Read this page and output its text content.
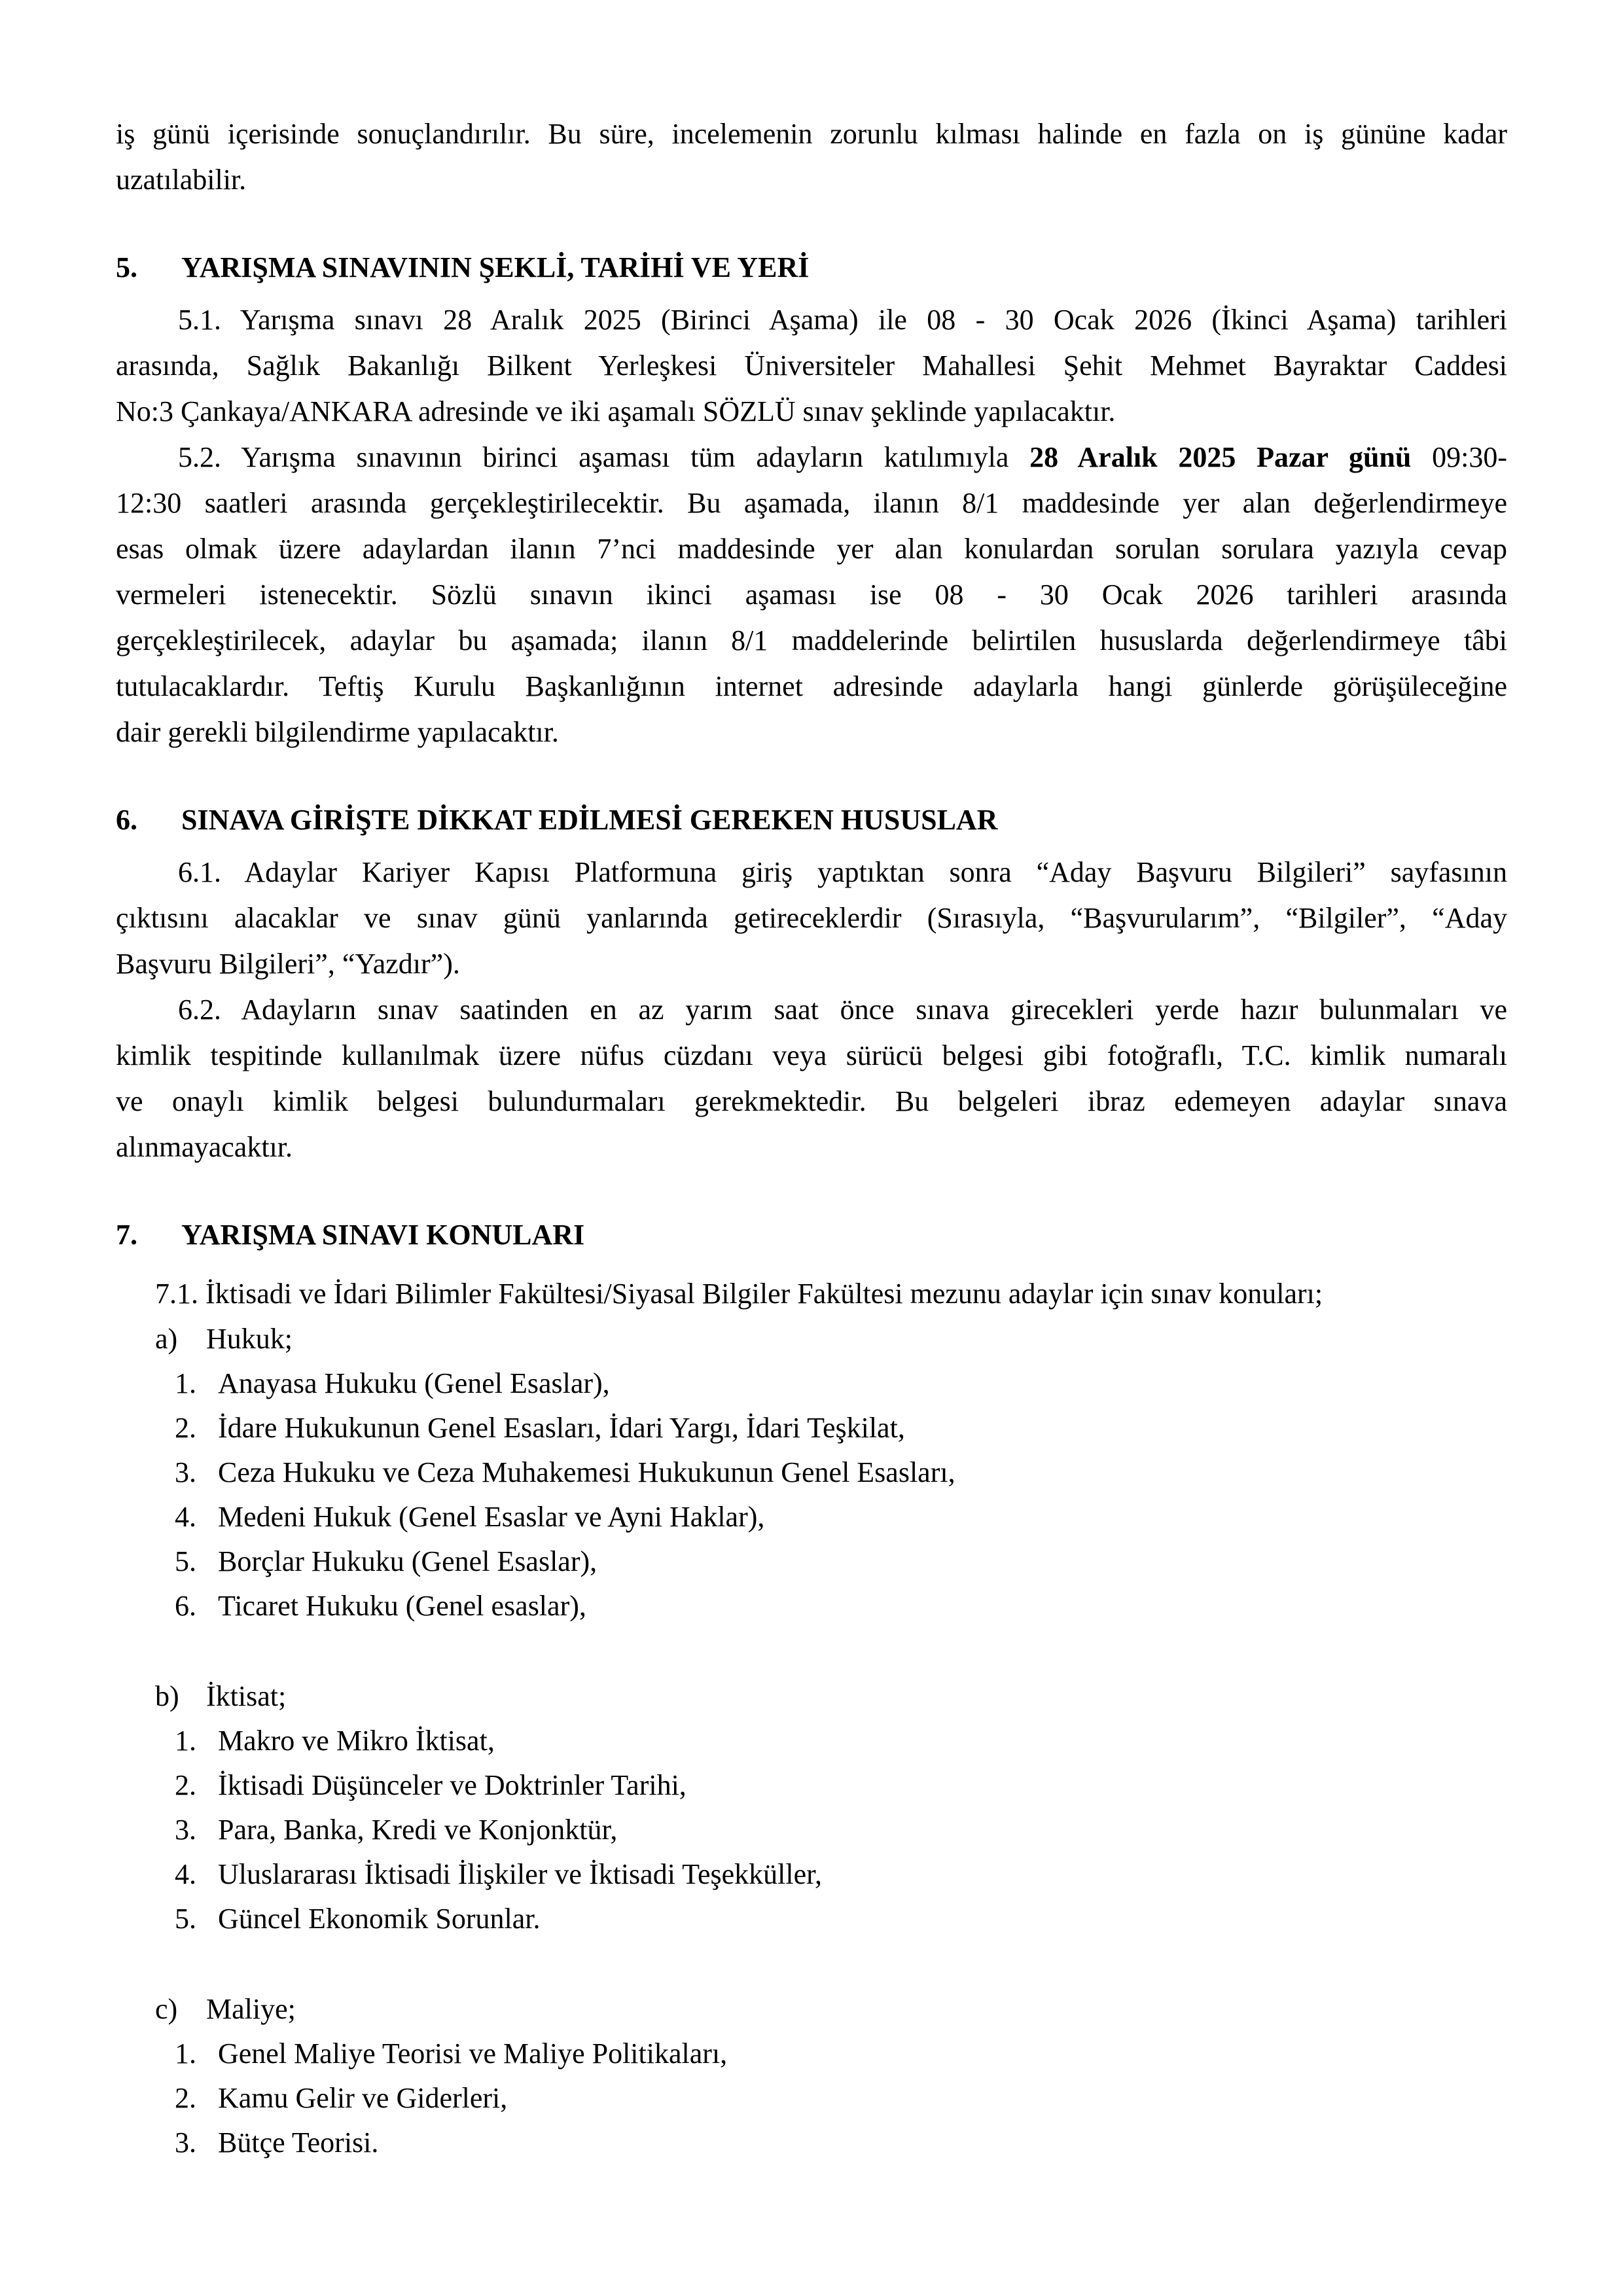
iş günü içerisinde sonuçlandırılır. Bu süre, incelemenin zorunlu kılması halinde en fazla on iş gününe kadar
uzatılabilir.
5.	YARIŞMA SINAVININ ŞEKLİ, TARİHİ VE YERİ
5.1. Yarışma sınavı 28 Aralık 2025 (Birinci Aşama) ile 08 - 30 Ocak 2026 (İkinci Aşama) tarihleri
arasında, Sağlık Bakanlığı Bilkent Yerleşkesi Üniversiteler Mahallesi Şehit Mehmet Bayraktar Caddesi
No:3 Çankaya/ANKARA adresinde ve iki aşamalı SÖZLÜ sınav şeklinde yapılacaktır.
5.2. Yarışma sınavının birinci aşaması tüm adayların katılımıyla 28 Aralık 2025 Pazar günü 09:30-
12:30 saatleri arasında gerçekleştirilecektir. Bu aşamada, ilanın 8/1 maddesinde yer alan değerlendirmeye
esas olmak üzere adaylardan ilanın 7’nci maddesinde yer alan konulardan sorulan sorulara yazıyla cevap
vermeleri istenecektir. Sözlü sınavın ikinci aşaması ise 08 - 30 Ocak 2026 tarihleri arasında
gerçekleştirilecek, adaylar bu aşamada; ilanın 8/1 maddelerinde belirtilen hususlarda değerlendirmeye tâbi
tutulacaklardır. Teftiş Kurulu Başkanlığının internet adresinde adaylarla hangi günlerde görüşüleceğine
dair gerekli bilgilendirme yapılacaktır.
6.	SINAVA GİRİŞTE DİKKAT EDİLMESİ GEREKEN HUSUSLAR
6.1. Adaylar Kariyer Kapısı Platformuna giriş yaptıktan sonra “Aday Başvuru Bilgileri” sayfasının
çıktısını alacaklar ve sınav günü yanlarında getireceklerdir (Sırasıyla, “Başvurularım”, “Bilgiler”, “Aday
Başvuru Bilgileri”, “Yazdır”).
6.2. Adayların sınav saatinden en az yarım saat önce sınava girecekleri yerde hazır bulunmaları ve
kimlik tespitinde kullanılmak üzere nüfus cüzdanı veya sürücü belgesi gibi fotoğraflı, T.C. kimlik numaralı
ve onaylı kimlik belgesi bulundurmaları gerekmektedir. Bu belgeleri ibraz edemeyen adaylar sınava
alınmayacaktır.
7.	YARIŞMA SINAVI KONULARI
7.1. İktisadi ve İdari Bilimler Fakültesi/Siyasal Bilgiler Fakültesi mezunu adaylar için sınav konuları;
a) Hukuk;
1. Anayasa Hukuku (Genel Esaslar),
2. İdare Hukukunun Genel Esasları, İdari Yargı, İdari Teşkilat,
3. Ceza Hukuku ve Ceza Muhakemesi Hukukunun Genel Esasları,
4. Medeni Hukuk (Genel Esaslar ve Ayni Haklar),
5. Borçlar Hukuku (Genel Esaslar),
6. Ticaret Hukuku (Genel esaslar),
b) İktisat;
1. Makro ve Mikro İktisat,
2. İktisadi Düşünceler ve Doktrinler Tarihi,
3. Para, Banka, Kredi ve Konjonktür,
4. Uluslararası İktisadi İlişkiler ve İktisadi Teşekküller,
5. Güncel Ekonomik Sorunlar.
c) Maliye;
1. Genel Maliye Teorisi ve Maliye Politikaları,
2. Kamu Gelir ve Giderleri,
3. Bütçe Teorisi.
